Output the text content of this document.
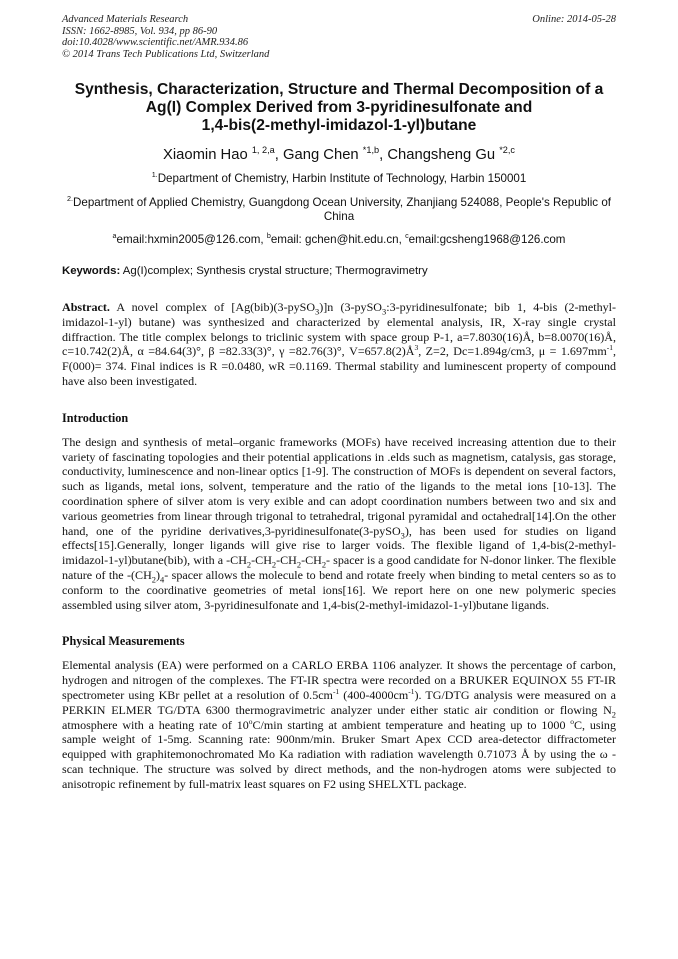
Advanced Materials Research
ISSN: 1662-8985, Vol. 934, pp 86-90
doi:10.4028/www.scientific.net/AMR.934.86
© 2014 Trans Tech Publications Ltd, Switzerland
Online: 2014-05-28
Synthesis, Characterization, Structure and Thermal Decomposition of a
Ag(I) Complex Derived from 3-pyridinesulfonate and
1,4-bis(2-methyl-imidazol-1-yl)butane
Xiaomin Hao $^{1, 2,a}$, Gang Chen $^{*1,b}$, Changsheng Gu $^{*2,c}$
$^{1.}$Department of Chemistry, Harbin Institute of Technology, Harbin 150001
$^{2.}$Department of Applied Chemistry, Guangdong Ocean University, Zhanjiang 524088, People's Republic of China
$^a$email:hxmin2005@126.com, $^b$email: gchen@hit.edu.cn, $^c$email:gcsheng1968@126.com
Keywords: Ag(I)complex; Synthesis crystal structure; Thermogravimetry
Abstract. A novel complex of [Ag(bib)(3-pySO$_3$)]n (3-pySO$_3$:3-pyridinesulfonate; bib 1, 4-bis (2-methyl-imidazol-1-yl) butane) was synthesized and characterized by elemental analysis, IR, X-ray single crystal diffraction. The title complex belongs to triclinic system with space group P-1, a=7.8030(16)Å, b=8.0070(16)Å, c=10.742(2)Å, α =84.64(3)°, β =82.33(3)°, γ =82.76(3)°, $V=657.8(2)Å^3$, Z=2, Dc=1.894g/cm3, $\mu = 1.697mm^{-1}$, F(000)= 374. Final indices is R =0.0480, wR =0.1169. Thermal stability and luminescent property of compound have also been investigated.
Introduction
The design and synthesis of metal–organic frameworks (MOFs) have received increasing attention due to their variety of fascinating topologies and their potential applications in .elds such as magnetism, catalysis, gas storage, conductivity, luminescence and non-linear optics [1-9]. The construction of MOFs is dependent on several factors, such as ligands, metal ions, solvent, temperature and the ratio of the ligands to the metal ions [10-13]. The coordination sphere of silver atom is very exible and can adopt coordination numbers between two and six and various geometries from linear through trigonal to tetrahedral, trigonal pyramidal and octahedral[14].On the other hand, one of the pyridine derivatives,3-pyridinesulfonate(3-pySO$_3$), has been used for studies on ligand effects[15].Generally, longer ligands will give rise to larger voids. The flexible ligand of 1,4-bis(2-methyl-imidazol-1-yl)butane(bib), with a $-CH_2-CH_2-CH_2-CH_2-$ spacer is a good candidate for N-donor linker. The flexible nature of the $-(CH_2)_4-$ spacer allows the molecule to bend and rotate freely when binding to metal centers so as to conform to the coordinative geometries of metal ions[16]. We report here on one new polymeric species assembled using silver atom, 3-pyridinesulfonate and 1,4-bis(2-methyl-imidazol-1-yl)butane ligands.
Physical Measurements
Elemental analysis (EA) were performed on a CARLO ERBA 1106 analyzer. It shows the percentage of carbon, hydrogen and nitrogen of the complexes. The FT-IR spectra were recorded on a BRUKER EQUINOX 55 FT-IR spectrometer using KBr pellet at a resolution of $0.5cm^{-1}$ $(400-4000cm^{-1})$. TG/DTG analysis were measured on a PERKIN ELMER TG/DTA 6300 thermogravimetric analyzer under either static air condition or flowing $N_2$ atmosphere with a heating rate of 10$^o$C/min starting at ambient temperature and heating up to 1000 $^o$C, using sample weight of 1-5mg. Scanning rate: 900nm/min. Bruker Smart Apex CCD area-detector diffractometer equipped with graphitemonochromated Mo Ka radiation with radiation wavelength 0.71073 Å by using the ω -scan technique. The structure was solved by direct methods, and the non-hydrogen atoms were subjected to anisotropic refinement by full-matrix least squares on F2 using SHELXTL package.
